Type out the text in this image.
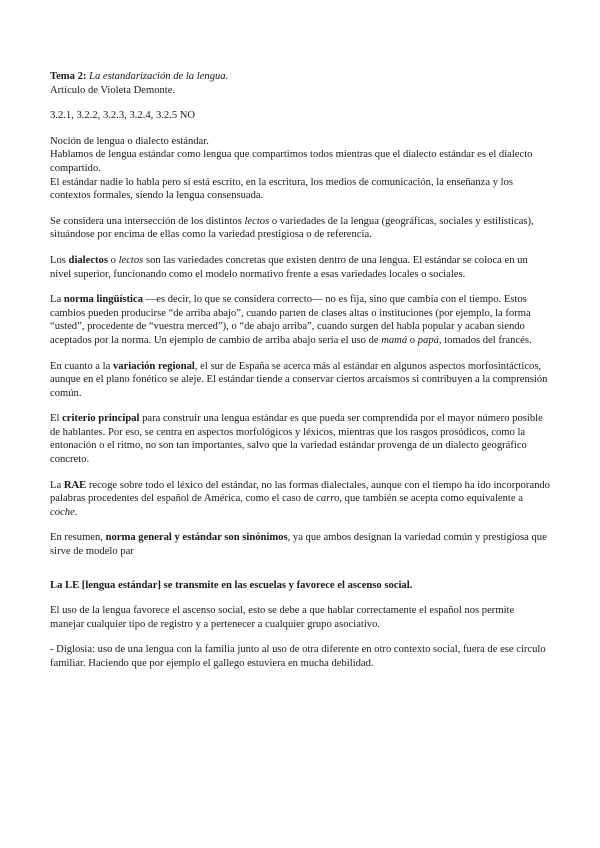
Tema 2: La estandarización de la lengua.

Artículo de Violeta Demonte.

3.2.1, 3.2.2, 3.2.3, 3.2.4, 3.2.5 NO

Noción de lengua o dialecto estándar.
Hablamos de lengua estándar como lengua que compartimos todos mientras que el dialecto estándar es el dialecto compartido.
El estándar nadie lo habla pero sí está escrito, en la escritura, los medios de comunicación, la enseñanza y los contextos formales, siendo la lengua consensuada.

Se considera una intersección de los distintos lectos o variedades de la lengua (geográficas, sociales y estilísticas), situándose por encima de ellas como la variedad prestigiosa o de referencia.

Los dialectos o lectos son las variedades concretas que existen dentro de una lengua. El estándar se coloca en un nivel superior, funcionando como el modelo normativo frente a esas variedades locales o sociales.

La norma lingüística —es decir, lo que se considera correcto— no es fija, sino que cambia con el tiempo. Estos cambios pueden producirse “de arriba abajo”, cuando parten de clases altas o instituciones (por ejemplo, la forma “usted”, procedente de “vuestra merced”), o “de abajo arriba”, cuando surgen del habla popular y acaban siendo aceptados por la norma. Un ejemplo de cambio de arriba abajo sería el uso de mamá o papá, tomados del francés.

En cuanto a la variación regional, el sur de España se acerca más al estándar en algunos aspectos morfosintácticos, aunque en el plano fonético se aleje. El estándar tiende a conservar ciertos arcaísmos si contribuyen a la comprensión común.

El criterio principal para construir una lengua estándar es que pueda ser comprendida por el mayor número posible de hablantes. Por eso, se centra en aspectos morfológicos y léxicos, mientras que los rasgos prosódicos, como la entonación o el ritmo, no son tan importantes, salvo que la variedad estándar provenga de un dialecto geográfico concreto.

La RAE recoge sobre todo el léxico del estándar, no las formas dialectales, aunque con el tiempo ha ido incorporando palabras procedentes del español de América, como el caso de carro, que también se acepta como equivalente a coche.

En resumen, norma general y estándar son sinónimos, ya que ambos designan la variedad común y prestigiosa que sirve de modelo par

La LE [lengua estándar] se transmite en las escuelas y favorece el ascenso social.

El uso de la lengua favorece el ascenso social, esto se debe a que hablar correctamente el español nos permite manejar cualquier tipo de registro y a pertenecer a cualquier grupo asociativo.

- Diglosia: uso de una lengua con la familia junto al uso de otra diferente en otro contexto social, fuera de ese círculo familiar. Haciendo que por ejemplo el gallego estuviera en mucha debilidad.
